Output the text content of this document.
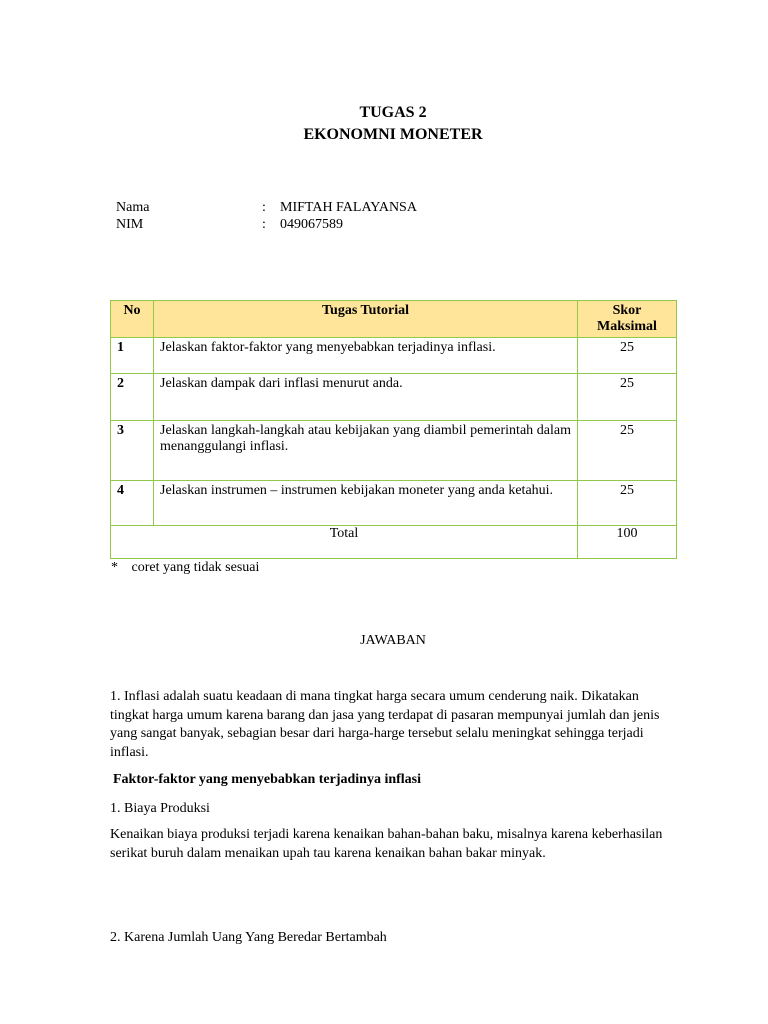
TUGAS 2
EKONOMNI MONETER
Nama	: MIFTAH FALAYANSA
NIM	: 049067589
No	Tugas Tutorial	Skor
Maksimal
1	Jelaskan faktor-faktor yang menyebabkan terjadinya inflasi.	25
2	Jelaskan dampak dari inflasi menurut anda.	25
3	Jelaskan langkah-langkah atau kebijakan yang diambil pemerintah dalam menanggulangi inflasi.	25
4	Jelaskan instrumen – instrumen kebijakan moneter yang anda ketahui.	25
Total		100
* coret yang tidak sesuai
JAWABAN
1. Inflasi adalah suatu keadaan di mana tingkat harga secara umum cenderung naik. Dikatakan tingkat harga umum karena barang dan jasa yang terdapat di pasaran mempunyai jumlah dan jenis yang sangat banyak, sebagian besar dari harga-harge tersebut selalu meningkat sehingga terjadi inflasi.
Faktor-faktor yang menyebabkan terjadinya inflasi
1. Biaya Produksi
Kenaikan biaya produksi terjadi karena kenaikan bahan-bahan baku, misalnya karena keberhasilan serikat buruh dalam menaikan upah tau karena kenaikan bahan bakar minyak.
2. Karena Jumlah Uang Yang Beredar Bertambah
